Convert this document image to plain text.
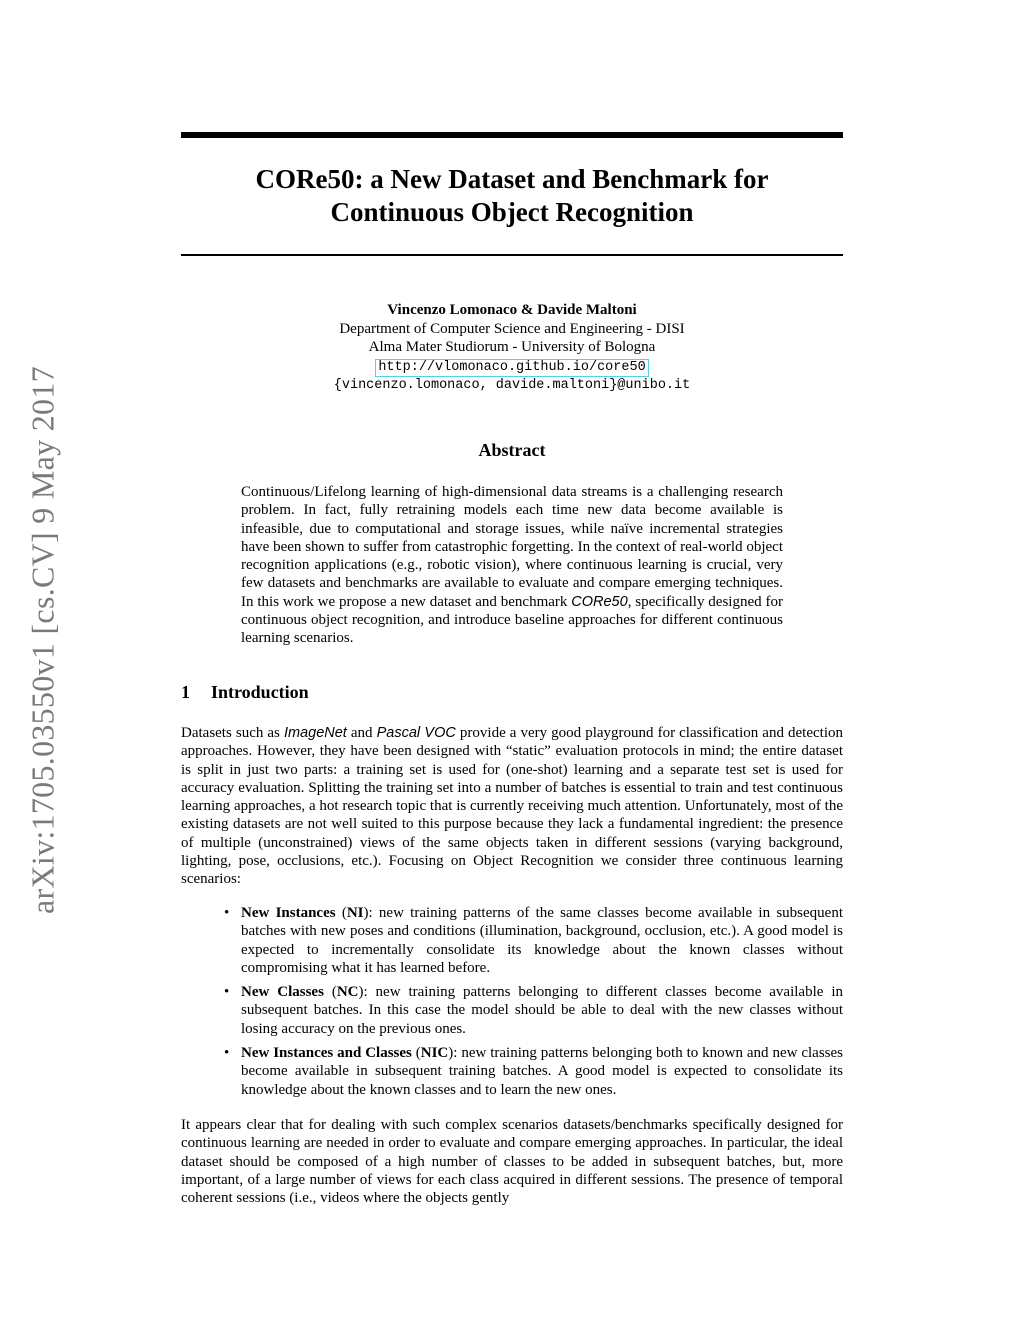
arXiv:1705.03550v1 [cs.CV] 9 May 2017
CORe50: a New Dataset and Benchmark for
Continuous Object Recognition
Vincenzo Lomonaco & Davide Maltoni
Department of Computer Science and Engineering - DISI
Alma Mater Studiorum - University of Bologna
http://vlomonaco.github.io/core50
{vincenzo.lomonaco, davide.maltoni}@unibo.it
Abstract
Continuous/Lifelong learning of high-dimensional data streams is a challenging research problem. In fact, fully retraining models each time new data become available is infeasible, due to computational and storage issues, while naïve incremental strategies have been shown to suffer from catastrophic forgetting. In the context of real-world object recognition applications (e.g., robotic vision), where continuous learning is crucial, very few datasets and benchmarks are available to evaluate and compare emerging techniques. In this work we propose a new dataset and benchmark CORe50, specifically designed for continuous object recognition, and introduce baseline approaches for different continuous learning scenarios.
1 Introduction
Datasets such as ImageNet and Pascal VOC provide a very good playground for classification and detection approaches. However, they have been designed with “static” evaluation protocols in mind; the entire dataset is split in just two parts: a training set is used for (one-shot) learning and a separate test set is used for accuracy evaluation. Splitting the training set into a number of batches is essential to train and test continuous learning approaches, a hot research topic that is currently receiving much attention. Unfortunately, most of the existing datasets are not well suited to this purpose because they lack a fundamental ingredient: the presence of multiple (unconstrained) views of the same objects taken in different sessions (varying background, lighting, pose, occlusions, etc.). Focusing on Object Recognition we consider three continuous learning scenarios:
• New Instances (NI): new training patterns of the same classes become available in subsequent batches with new poses and conditions (illumination, background, occlusion, etc.). A good model is expected to incrementally consolidate its knowledge about the known classes without compromising what it has learned before.
• New Classes (NC): new training patterns belonging to different classes become available in subsequent batches. In this case the model should be able to deal with the new classes without losing accuracy on the previous ones.
• New Instances and Classes (NIC): new training patterns belonging both to known and new classes become available in subsequent training batches. A good model is expected to consolidate its knowledge about the known classes and to learn the new ones.
It appears clear that for dealing with such complex scenarios datasets/benchmarks specifically designed for continuous learning are needed in order to evaluate and compare emerging approaches. In particular, the ideal dataset should be composed of a high number of classes to be added in subsequent batches, but, more important, of a large number of views for each class acquired in different sessions. The presence of temporal coherent sessions (i.e., videos where the objects gently
